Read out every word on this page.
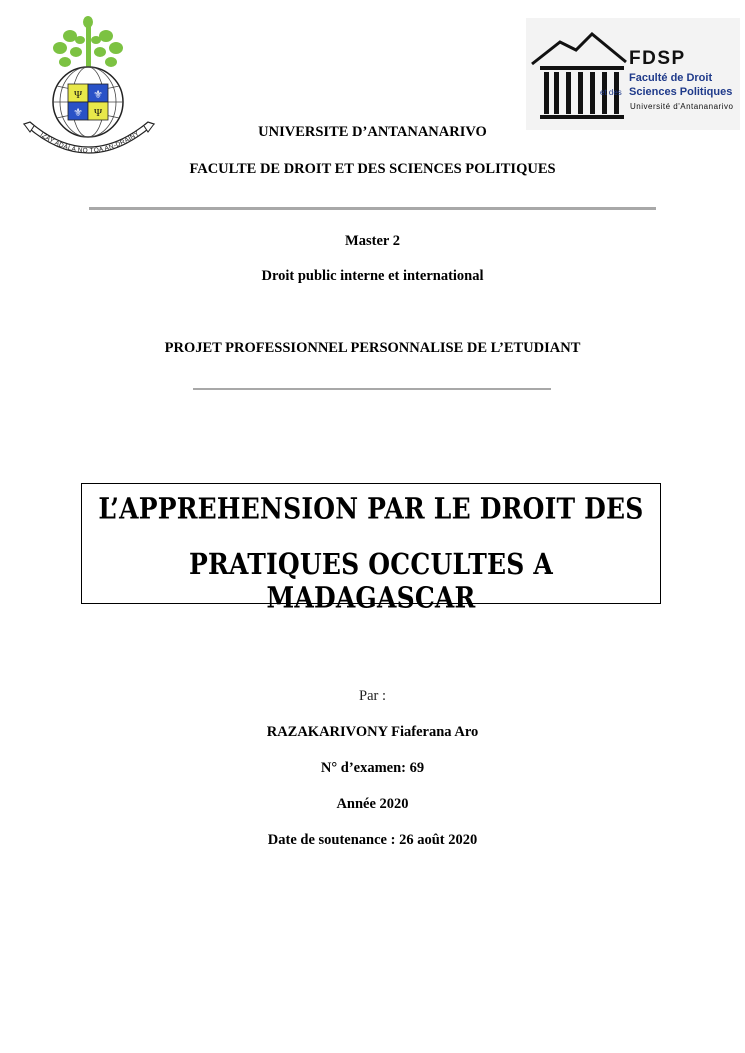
Ψ ⚜
⚜ Ψ
IZAY ADALA NO TOA AN-DRAINY
FDSP
Faculté de Droit
et des Sciences Politiques
Université d'Antananarivo
UNIVERSITE D’ANTANANARIVO
FACULTE DE DROIT ET DES SCIENCES POLITIQUES
Master 2
Droit public interne et international
PROJET PROFESSIONNEL PERSONNALISE DE L’ETUDIANT
L’APPREHENSION PAR LE DROIT DES
PRATIQUES OCCULTES A MADAGASCAR
Par :
RAZAKARIVONY Fiaferana Aro
N° d’examen: 69
Année 2020
Date de soutenance : 26 août 2020
